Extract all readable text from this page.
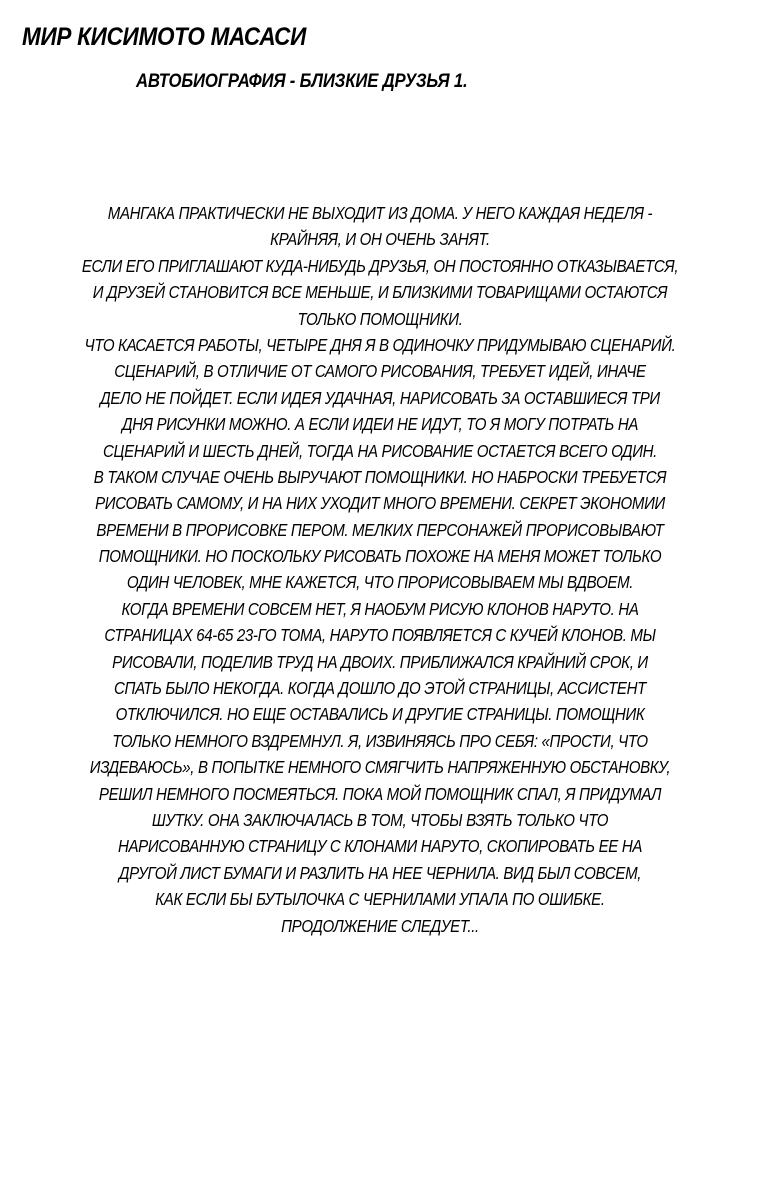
МИР КИСИМОТО МАСАСИ
АВТОБИОГРАФИЯ - БЛИЗКИЕ ДРУЗЬЯ 1.
МАНГАКА ПРАКТИЧЕСКИ НЕ ВЫХОДИТ ИЗ ДОМА. У НЕГО КАЖДАЯ НЕДЕЛЯ -
КРАЙНЯЯ, И ОН ОЧЕНЬ ЗАНЯТ.
ЕСЛИ ЕГО ПРИГЛАШАЮТ КУДА-НИБУДЬ ДРУЗЬЯ, ОН ПОСТОЯННО ОТКАЗЫВАЕТСЯ,
И ДРУЗЕЙ СТАНОВИТСЯ ВСЕ МЕНЬШЕ, И БЛИЗКИМИ ТОВАРИЩАМИ ОСТАЮТСЯ
ТОЛЬКО ПОМОЩНИКИ.
ЧТО КАСАЕТСЯ РАБОТЫ, ЧЕТЫРЕ ДНЯ Я В ОДИНОЧКУ ПРИДУМЫВАЮ СЦЕНАРИЙ.
СЦЕНАРИЙ, В ОТЛИЧИЕ ОТ САМОГО РИСОВАНИЯ, ТРЕБУЕТ ИДЕЙ, ИНАЧЕ
ДЕЛО НЕ ПОЙДЕТ. ЕСЛИ ИДЕЯ УДАЧНАЯ, НАРИСОВАТЬ ЗА ОСТАВШИЕСЯ ТРИ
ДНЯ РИСУНКИ МОЖНО. А ЕСЛИ ИДЕИ НЕ ИДУТ, ТО Я МОГУ ПОТРАТЬ НА
СЦЕНАРИЙ И ШЕСТЬ ДНЕЙ, ТОГДА НА РИСОВАНИЕ ОСТАЕТСЯ ВСЕГО ОДИН.
В ТАКОМ СЛУЧАЕ ОЧЕНЬ ВЫРУЧАЮТ ПОМОЩНИКИ. НО НАБРОСКИ ТРЕБУЕТСЯ
РИСОВАТЬ САМОМУ, И НА НИХ УХОДИТ МНОГО ВРЕМЕНИ. СЕКРЕТ ЭКОНОМИИ
ВРЕМЕНИ В ПРОРИСОВКЕ ПЕРОМ. МЕЛКИХ ПЕРСОНАЖЕЙ ПРОРИСОВЫВАЮТ
ПОМОЩНИКИ. НО ПОСКОЛЬКУ РИСОВАТЬ ПОХОЖЕ НА МЕНЯ МОЖЕТ ТОЛЬКО
ОДИН ЧЕЛОВЕК, МНЕ КАЖЕТСЯ, ЧТО ПРОРИСОВЫВАЕМ МЫ ВДВОЕМ.
КОГДА ВРЕМЕНИ СОВСЕМ НЕТ, Я НАОБУМ РИСУЮ КЛОНОВ НАРУТО. НА
СТРАНИЦАХ 64-65 23-ГО ТОМА, НАРУТО ПОЯВЛЯЕТСЯ С КУЧЕЙ КЛОНОВ. МЫ
РИСОВАЛИ, ПОДЕЛИВ ТРУД НА ДВОИХ. ПРИБЛИЖАЛСЯ КРАЙНИЙ СРОК, И
СПАТЬ БЫЛО НЕКОГДА. КОГДА ДОШЛО ДО ЭТОЙ СТРАНИЦЫ, АССИСТЕНТ
ОТКЛЮЧИЛСЯ. НО ЕЩЕ ОСТАВАЛИСЬ И ДРУГИЕ СТРАНИЦЫ. ПОМОЩНИК
ТОЛЬКО НЕМНОГО ВЗДРЕМНУЛ. Я, ИЗВИНЯЯСЬ ПРО СЕБЯ: «ПРОСТИ, ЧТО
ИЗДЕВАЮСЬ», В ПОПЫТКЕ НЕМНОГО СМЯГЧИТЬ НАПРЯЖЕННУЮ ОБСТАНОВКУ,
РЕШИЛ НЕМНОГО ПОСМЕЯТЬСЯ. ПОКА МОЙ ПОМОЩНИК СПАЛ, Я ПРИДУМАЛ
ШУТКУ. ОНА ЗАКЛЮЧАЛАСЬ В ТОМ, ЧТОБЫ ВЗЯТЬ ТОЛЬКО ЧТО
НАРИСОВАННУЮ СТРАНИЦУ С КЛОНАМИ НАРУТО, СКОПИРОВАТЬ ЕЕ НА
ДРУГОЙ ЛИСТ БУМАГИ И РАЗЛИТЬ НА НЕЕ ЧЕРНИЛА. ВИД БЫЛ СОВСЕМ,
КАК ЕСЛИ БЫ БУТЫЛОЧКА С ЧЕРНИЛАМИ УПАЛА ПО ОШИБКЕ.
ПРОДОЛЖЕНИЕ СЛЕДУЕТ...
